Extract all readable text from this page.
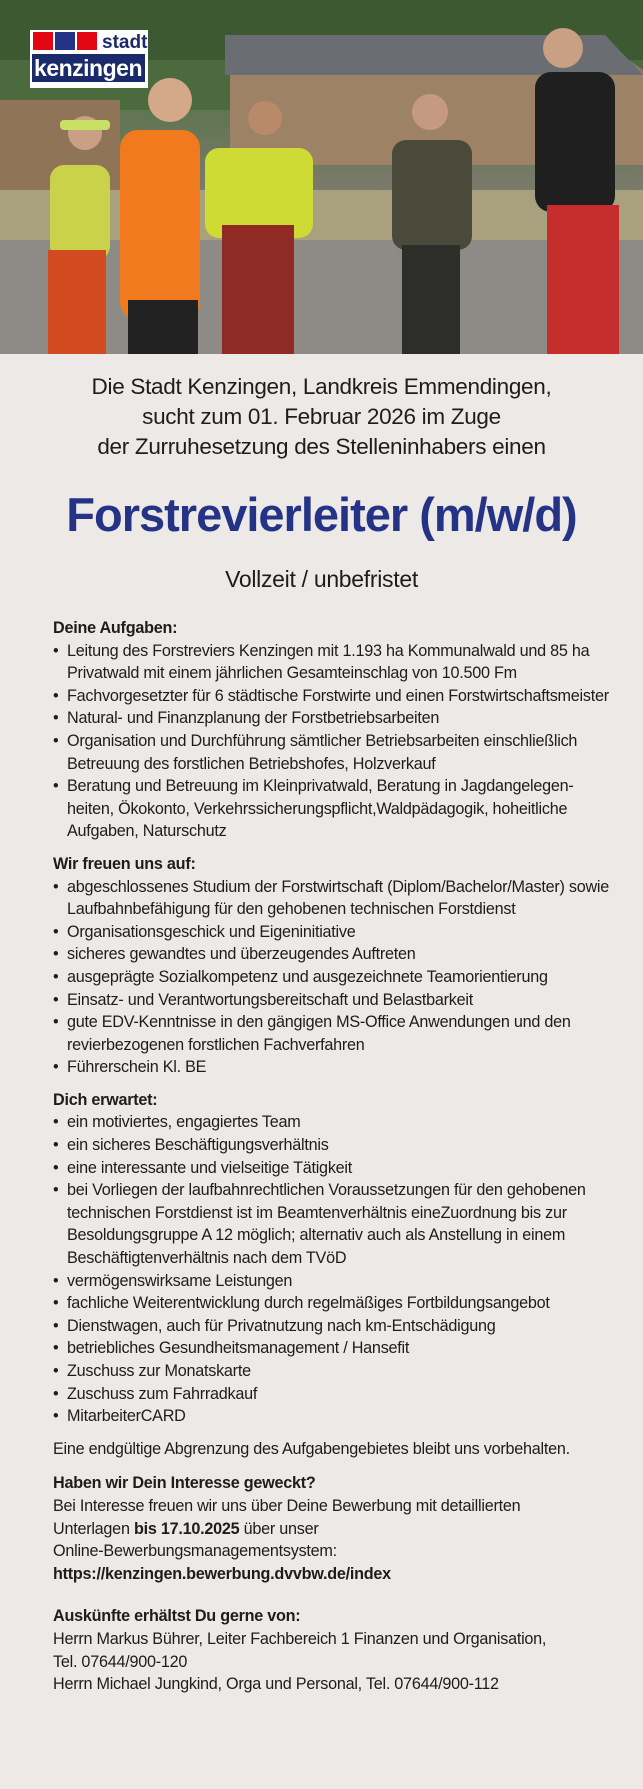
stadt
kenzingen
Die Stadt Kenzingen, Landkreis Emmendingen,
sucht zum 01. Februar 2026 im Zuge
der Zurruhesetzung des Stelleninhabers einen
Forstrevierleiter (m/w/d)
Vollzeit / unbefristet
Deine Aufgaben:
• Leitung des Forstreviers Kenzingen mit 1.193 ha Kommunalwald und 85 ha Privatwald mit einem jährlichen Gesamteinschlag von 10.500 Fm
• Fachvorgesetzter für 6 städtische Forstwirte und einen Forstwirtschaftsmeister
• Natural- und Finanzplanung der Forstbetriebsarbeiten
• Organisation und Durchführung sämtlicher Betriebsarbeiten einschließlich Betreuung des forstlichen Betriebshofes, Holzverkauf
• Beratung und Betreuung im Kleinprivatwald, Beratung in Jagdangelegenheiten, Ökokonto, Verkehrssicherungspflicht,Waldpädagogik, hoheitliche Aufgaben, Naturschutz
Wir freuen uns auf:
• abgeschlossenes Studium der Forstwirtschaft (Diplom/Bachelor/Master) sowie Laufbahnbefähigung für den gehobenen technischen Forstdienst
• Organisationsgeschick und Eigeninitiative
• sicheres gewandtes und überzeugendes Auftreten
• ausgeprägte Sozialkompetenz und ausgezeichnete Teamorientierung
• Einsatz- und Verantwortungsbereitschaft und Belastbarkeit
• gute EDV-Kenntnisse in den gängigen MS-Office Anwendungen und den revierbezogenen forstlichen Fachverfahren
• Führerschein Kl. BE
Dich erwartet:
• ein motiviertes, engagiertes Team
• ein sicheres Beschäftigungsverhältnis
• eine interessante und vielseitige Tätigkeit
• bei Vorliegen der laufbahnrechtlichen Voraussetzungen für den gehobenen technischen Forstdienst ist im Beamtenverhältnis eineZuordnung bis zur Besoldungsgruppe A 12 möglich; alternativ auch als Anstellung in einem Beschäftigtenverhältnis nach dem TVöD
• vermögenswirksame Leistungen
• fachliche Weiterentwicklung durch regelmäßiges Fortbildungsangebot
• Dienstwagen, auch für Privatnutzung nach km-Entschädigung
• betriebliches Gesundheitsmanagement / Hansefit
• Zuschuss zur Monatskarte
• Zuschuss zum Fahrradkauf
• MitarbeiterCARD

Eine endgültige Abgrenzung des Aufgabengebietes bleibt uns vorbehalten.

Haben wir Dein Interesse geweckt?

Bei Interesse freuen wir uns über Deine Bewerbung mit detaillierten

Unterlagen bis 17.10.2025 über unser

Online-Bewerbungsmanagementsystem:

https://kenzingen.bewerbung.dvvbw.de/index

Auskünfte erhältst Du gerne von:

Herrn Markus Bührer, Leiter Fachbereich 1 Finanzen und Organisation,

Tel. 07644/900-120

Herrn Michael Jungkind, Orga und Personal, Tel. 07644/900-112
